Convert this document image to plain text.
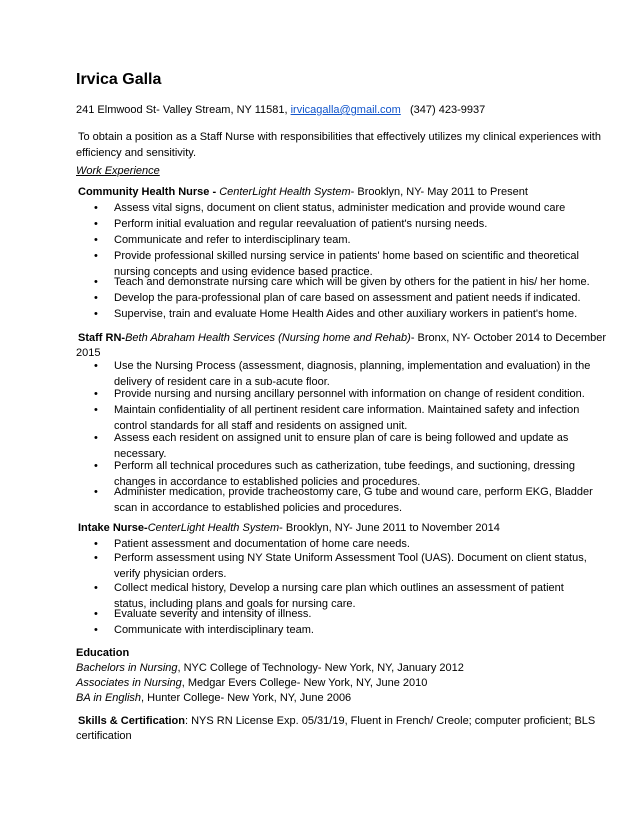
Irvica Galla
241 Elmwood St- Valley Stream, NY 11581, irvicagalla@gmail.com (347) 423-9937
To obtain a position as a Staff Nurse with responsibilities that effectively utilizes my clinical experiences with
efficiency and sensitivity.
Work Experience
Community Health Nurse - CenterLight Health System- Brooklyn, NY- May 2011 to Present
• Assess vital signs, document on client status, administer medication and provide wound care
• Perform initial evaluation and regular reevaluation of patient's nursing needs.
• Communicate and refer to interdisciplinary team.
• Provide professional skilled nursing service in patients' home based on scientific and theoretical nursing concepts and using evidence based practice.
• Teach and demonstrate nursing care which will be given by others for the patient in his/ her home.
• Develop the para-professional plan of care based on assessment and patient needs if indicated.
• Supervise, train and evaluate Home Health Aides and other auxiliary workers in patient's home.
Staff RN-Beth Abraham Health Services (Nursing home and Rehab)- Bronx, NY- October 2014 to December
2015
• Use the Nursing Process (assessment, diagnosis, planning, implementation and evaluation) in the delivery of resident care in a sub-acute floor.
• Provide nursing and nursing ancillary personnel with information on change of resident condition.
• Maintain confidentiality of all pertinent resident care information. Maintained safety and infection control standards for all staff and residents on assigned unit.
• Assess each resident on assigned unit to ensure plan of care is being followed and update as necessary.
• Perform all technical procedures such as catherization, tube feedings, and suctioning, dressing changes in accordance to established policies and procedures.
• Administer medication, provide tracheostomy care, G tube and wound care, perform EKG, Bladder scan in accordance to established policies and procedures.
Intake Nurse-CenterLight Health System- Brooklyn, NY- June 2011 to November 2014
• Patient assessment and documentation of home care needs.
• Perform assessment using NY State Uniform Assessment Tool (UAS). Document on client status, verify physician orders.
• Collect medical history, Develop a nursing care plan which outlines an assessment of patient status, including plans and goals for nursing care.
• Evaluate severity and intensity of illness.
• Communicate with interdisciplinary team.
Education
Bachelors in Nursing, NYC College of Technology- New York, NY, January 2012
Associates in Nursing, Medgar Evers College- New York, NY, June 2010
BA in English, Hunter College- New York, NY, June 2006
Skills & Certification: NYS RN License Exp. 05/31/19, Fluent in French/ Creole; computer proficient; BLS
certification
